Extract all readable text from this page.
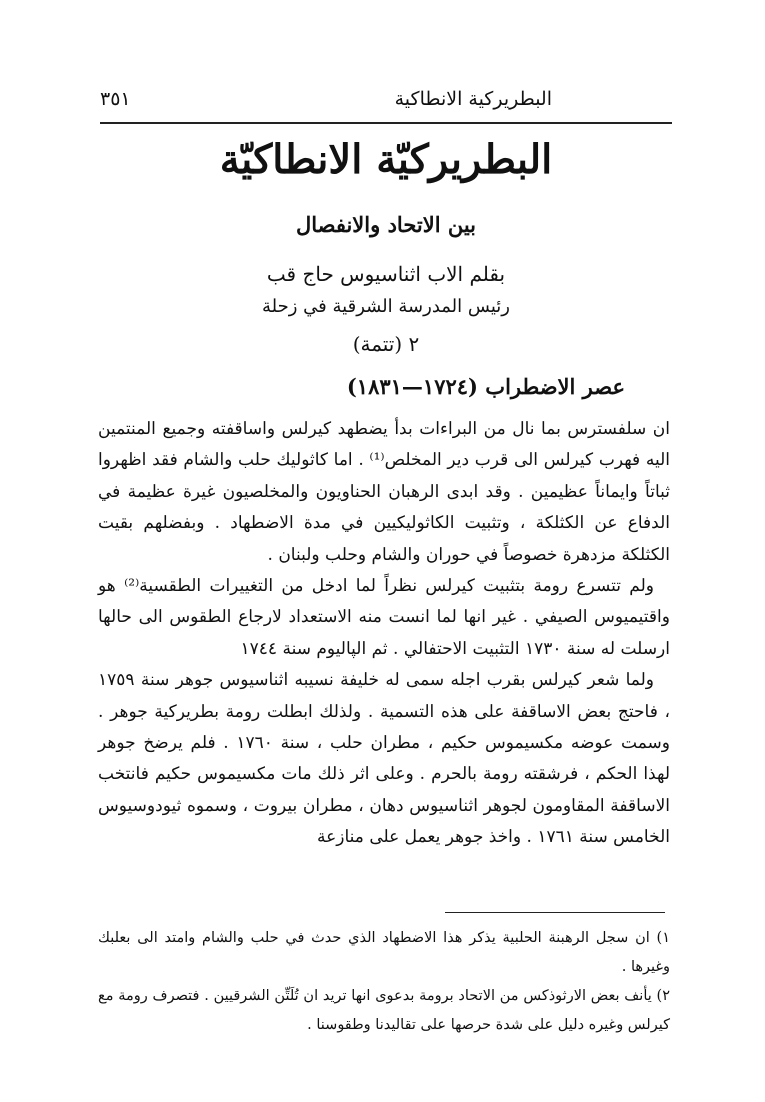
البطريركية الانطاكية
٣٥١
البطريركيّة الانطاكيّة
بين الاتحاد والانفصال
بقلم الاب اثناسيوس حاج قب
رئيس المدرسة الشرقية في زحلة
٢ (تتمة)
عصر الاضطراب (١٧٢٤—١٨٣١)

ان سلفسترس بما نال من البراءات بدأ يضطهد كيرلس واساقفته وجميع المنتمين اليه فهرب كيرلس الى قرب دير المخلص⁽¹⁾ . اما كاثوليك حلب والشام فقد اظهروا ثباتاً وايماناً عظيمين . وقد ابدى الرهبان الحناويون والمخلصيون غيرة عظيمة في الدفاع عن الكثلكة ، وتثبيت الكاثوليكيين في مدة الاضطهاد . وبفضلهم بقيت الكثلكة مزدهرة خصوصاً في حوران والشام وحلب ولبنان .

ولم تتسرع رومة بتثبيت كيرلس نظراً لما ادخل من التغييرات الطقسية⁽²⁾ هو واقتيميوس الصيفي . غير انها لما انست منه الاستعداد لارجاع الطقوس الى حالها ارسلت له سنة ١٧٣٠ التثبيت الاحتفالي . ثم الپاليوم سنة ١٧٤٤

ولما شعر كيرلس بقرب اجله سمى له خليفة نسيبه اثناسيوس جوهر سنة ١٧٥٩ ، فاحتج بعض الاساقفة على هذه التسمية . ولذلك ابطلت رومة بطريركية جوهر . وسمت عوضه مكسيموس حكيم ، مطران حلب ، سنة ١٧٦٠ . فلم يرضخ جوهر لهذا الحكم ، فرشقته رومة بالحرم . وعلى اثر ذلك مات مكسيموس حكيم فانتخب الاساقفة المقاومون لجوهر اثناسيوس دهان ، مطران بيروت ، وسموه ثيودوسيوس الخامس سنة ١٧٦١ . واخذ جوهر يعمل على منازعة

١) ان سجل الرهبنة الحلبية يذكر هذا الاضطهاد الذي حدث في حلب والشام وامتد الى بعلبك وغيرها .

٢) يأنف بعض الارثوذكس من الاتحاد برومة بدعوى انها تريد ان تُلَتِّن الشرقيين . فتصرف رومة مع كيرلس وغيره دليل على شدة حرصها على تقاليدنا وطقوسنا .
